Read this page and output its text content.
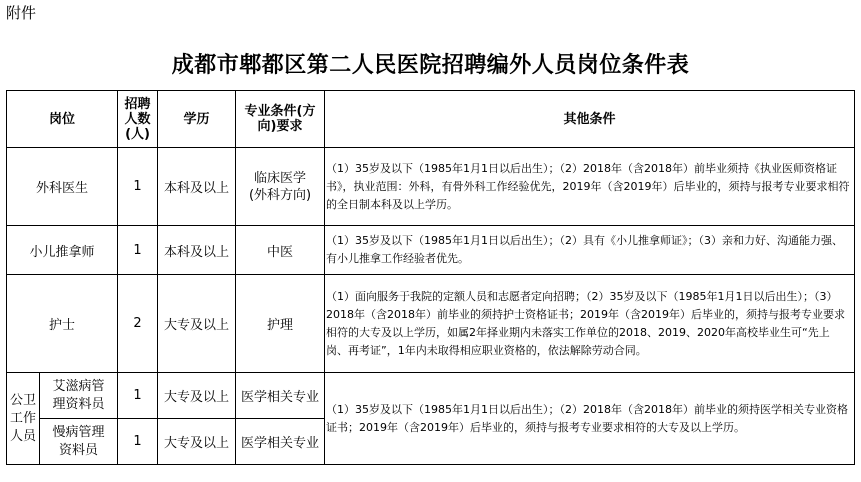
附件
成都市郫都区第二人民医院招聘编外人员岗位条件表
岗位		招聘人数(人)	学历	专业条件(方向)要求	其他条件
外科医生		1	本科及以上	临床医学(外科方向)	（1）35岁及以下（1985年1月1日以后出生）；（2）2018年（含2018年）前毕业须持《执业医师资格证书》，执业范围：外科，有骨外科工作经验优先，2019年（含2019年）后毕业的，须持与报考专业要求相符的全日制本科及以上学历。
小儿推拿师		1	本科及以上	中医	（1）35岁及以下（1985年1月1日以后出生）；（2）具有《小儿推拿师证》；（3）亲和力好、沟通能力强、有小儿推拿工作经验者优先。
护士		2	大专及以上	护理	（1）面向服务于我院的定额人员和志愿者定向招聘；（2）35岁及以下（1985年1月1日以后出生）；（3）2018年（含2018年）前毕业的须持护士资格证书；2019年（含2019年）后毕业的，须持与报考专业要求相符的大专及以上学历，如属2年择业期内未落实工作单位的2018、2019、2020年高校毕业生可“先上岗、再考证”，1年内未取得相应职业资格的，依法解除劳动合同。

公卫工作人员	艾滋病管理资料员	1	大专及以上	医学相关专业	（1）35岁及以下（1985年1月1日以后出生）；（2）2018年（含2018年）前毕业的须持医学相关专业资格证书；2019年（含2019年）后毕业的，须持与报考专业要求相符的大专及以上学历。

	慢病管理资料员	1	大专及以上	医学相关专业	
